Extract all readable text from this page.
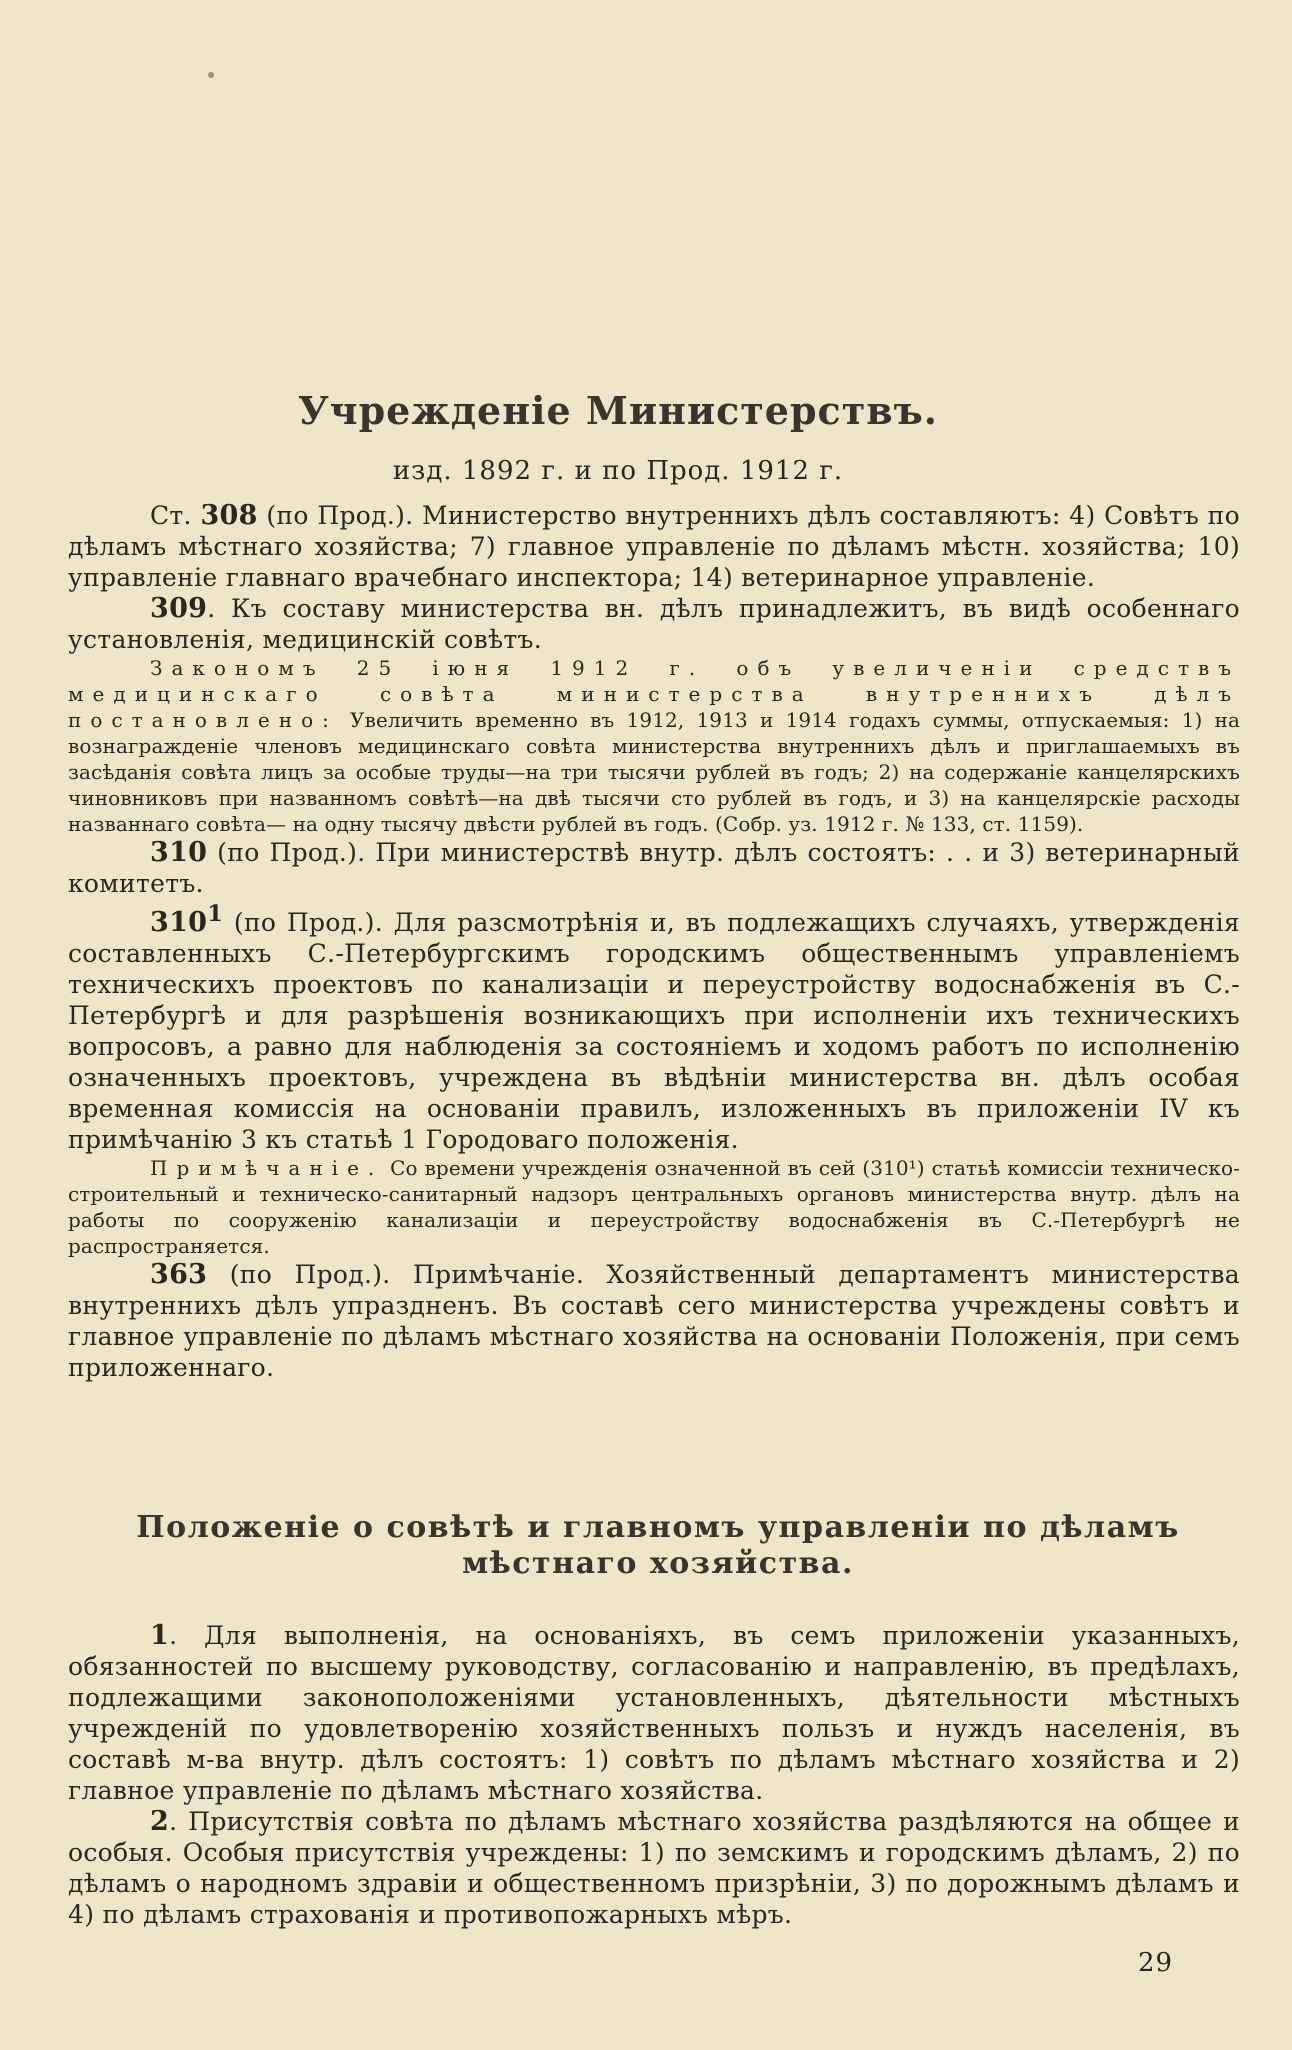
Учрежденіе Министерствъ.
изд. 1892 г. и по Прод. 1912 г.

Ст. 308 (по Прод.). Министерство внутреннихъ дѣлъ составляютъ: 4) Совѣтъ по дѣламъ мѣстнаго хозяйства; 7) главное управленіе по дѣламъ мѣстн. хозяйства; 10) управленіе главнаго врачебнаго инспектора; 14) ветеринарное управленіе.

309. Къ составу министерства вн. дѣлъ принадлежитъ, въ видѣ особеннаго установленія, медицинскій совѣтъ.

Закономъ 25 іюня 1912 г. объ увеличеніи средствъ медицинскаго совѣта министерства внутреннихъ дѣлъ постановлено: Увеличить временно въ 1912, 1913 и 1914 годахъ суммы, отпускаемыя: 1) на вознагражденіе членовъ медицинскаго совѣта министерства внутреннихъ дѣлъ и приглашаемыхъ въ засѣданія совѣта лицъ за особые труды—на три тысячи рублей въ годъ; 2) на содержаніе канцелярскихъ чиновниковъ при названномъ совѣтѣ—на двѣ тысячи сто рублей въ годъ, и 3) на канцелярскіе расходы названнаго совѣта— на одну тысячу двѣсти рублей въ годъ. (Собр. уз. 1912 г. № 133, ст. 1159).

310 (по Прод.). При министерствѣ внутр. дѣлъ состоятъ: . . и 3) ветеринарный комитетъ.

$310^1$ (по Прод.). Для разсмотрѣнія и, въ подлежащихъ случаяхъ, утвержденія составленныхъ С.-Петербургскимъ городскимъ общественнымъ управленіемъ техническихъ проектовъ по канализаціи и переустройству водоснабженія въ С.-Петербургѣ и для разрѣшенія возникающихъ при исполненіи ихъ техническихъ вопросовъ, а равно для наблюденія за состояніемъ и ходомъ работъ по исполненію означенныхъ проектовъ, учреждена въ вѣдѣніи министерства вн. дѣлъ особая временная комиссія на основаніи правилъ, изложенныхъ въ приложеніи IV къ примѣчанію 3 къ статьѣ 1 Городоваго положенія.

Примѣчаніе. Со времени учрежденія означенной въ сей (310¹) статьѣ комиссіи техническо-строительный и техническо-санитарный надзоръ центральныхъ органовъ министерства внутр. дѣлъ на работы по сооруженію канализаціи и переустройству водоснабженія въ С.-Петербургѣ не распространяется.

363 (по Прод.). Примѣчаніе. Хозяйственный департаментъ министерства внутреннихъ дѣлъ упраздненъ. Въ составѣ сего министерства учреждены совѣтъ и главное управленіе по дѣламъ мѣстнаго хозяйства на основаніи Положенія, при семъ приложеннаго.

Положеніе о совѣтѣ и главномъ управленіи по дѣламъ
мѣстнаго хозяйства.

1. Для выполненія, на основаніяхъ, въ семъ приложеніи указанныхъ, обязанностей по высшему руководству, согласованію и направленію, въ предѣлахъ, подлежащими законоположеніями установленныхъ, дѣятельности мѣстныхъ учрежденій по удовлетворенію хозяйственныхъ пользъ и нуждъ населенія, въ составѣ м-ва внутр. дѣлъ состоятъ: 1) совѣтъ по дѣламъ мѣстнаго хозяйства и 2) главное управленіе по дѣламъ мѣстнаго хозяйства.

2. Присутствія совѣта по дѣламъ мѣстнаго хозяйства раздѣляются на общее и особыя. Особыя присутствія учреждены: 1) по земскимъ и городскимъ дѣламъ, 2) по дѣламъ о народномъ здравіи и общественномъ призрѣніи, 3) по дорожнымъ дѣламъ и 4) по дѣламъ страхованія и противопожарныхъ мѣръ.

29
